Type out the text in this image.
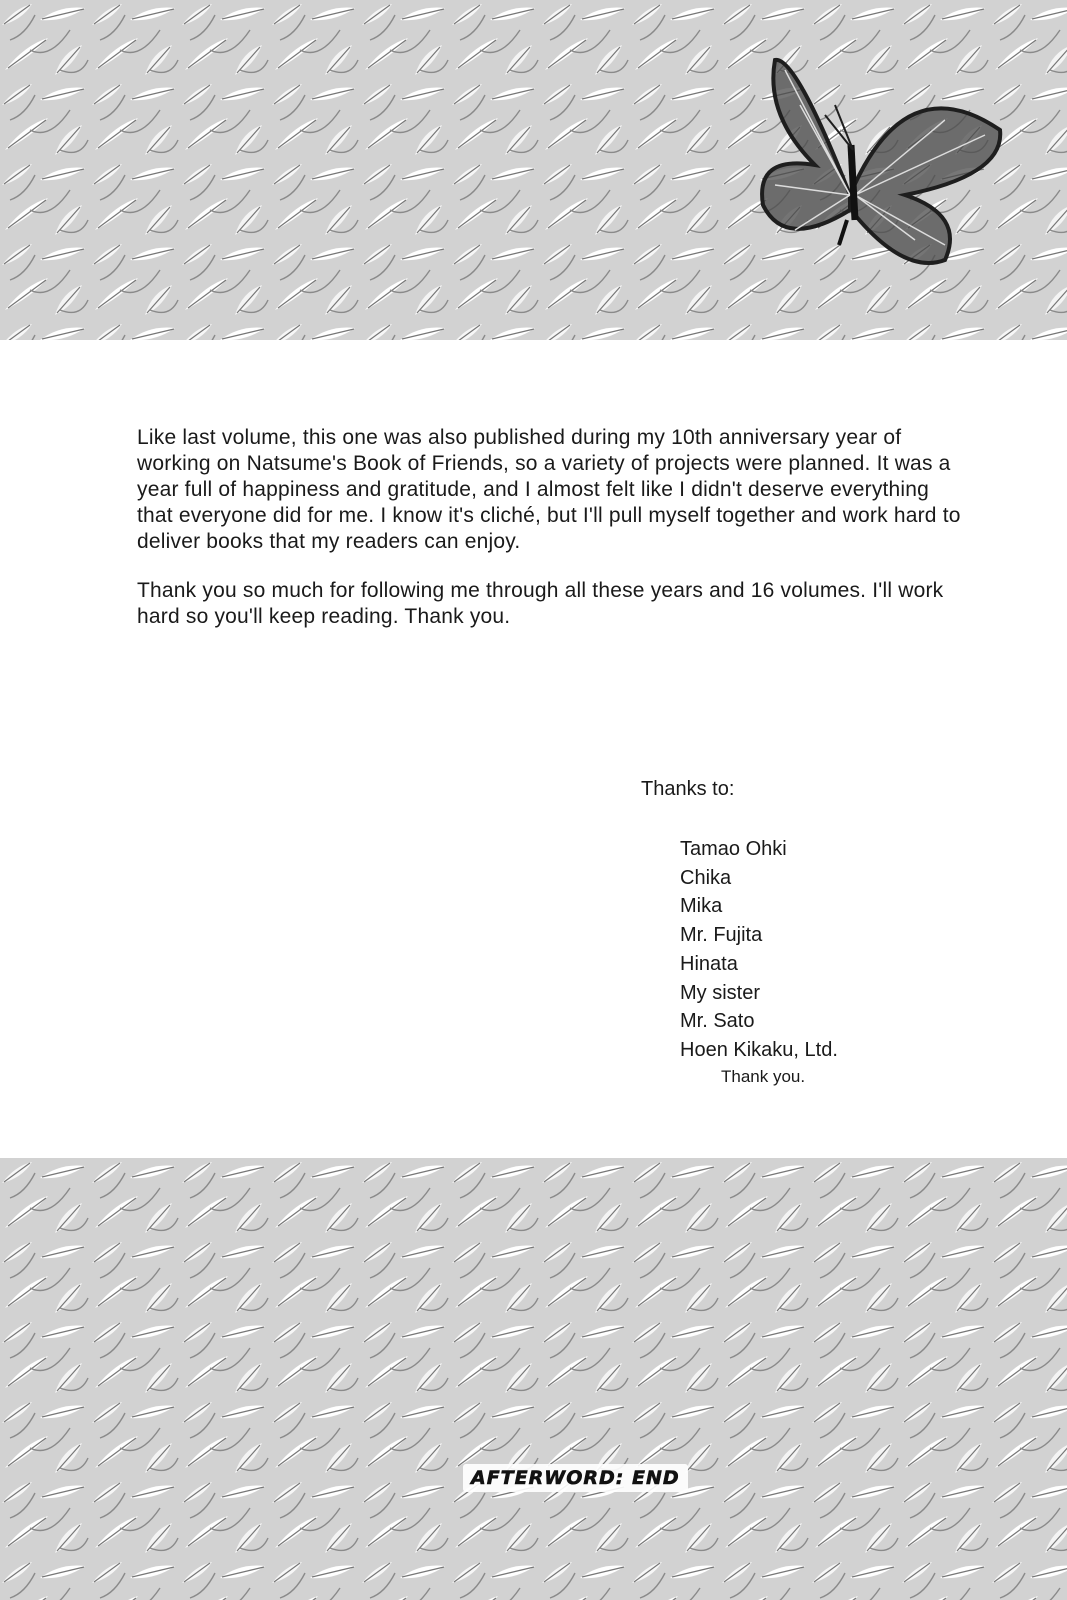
Like last volume, this one was also published during my 10th anniversary year of working on Natsume's Book of Friends, so a variety of projects were planned. It was a year full of happiness and gratitude, and I almost felt like I didn't deserve everything that everyone did for me. I know it's cliché, but I'll pull myself together and work hard to deliver books that my readers can enjoy.

Thank you so much for following me through all these years and 16 volumes. I'll work hard so you'll keep reading. Thank you.

Thanks to:

Tamao Ohki
Chika
Mika
Mr. Fujita
Hinata
My sister
Mr. Sato
Hoen Kikaku, Ltd.
Thank you.
AFTERWORD: END
